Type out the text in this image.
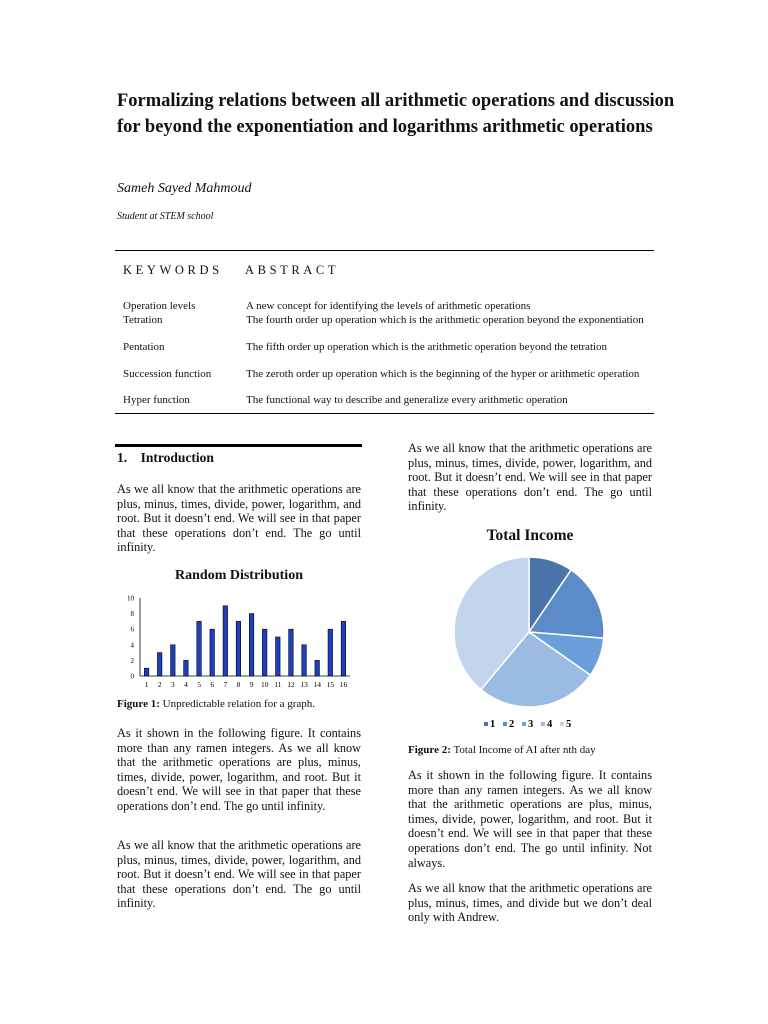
Formalizing relations between all arithmetic operations and discussion for beyond the exponentiation and logarithms arithmetic operations
Sameh Sayed Mahmoud
Student at STEM school
KEYWORDS ABSTRACT
Operation levels	A new concept for identifying the levels of arithmetic operations
Tetration	The fourth order up operation which is the arithmetic operation beyond the exponentiation
Pentation	The fifth order up operation which is the arithmetic operation beyond the tetration
Succession function	The zeroth order up operation which is the beginning of the hyper or arithmetic operation
Hyper function	The functional way to describe and generalize every arithmetic operation
1.    Introduction

As we all know that the arithmetic operations are plus, minus, times, divide, power, logarithm, and root. But it doesn’t end. We will see in that paper that these operations don’t end. The go until infinity.

Random Distribution
0
2
4
6
8
10
1 2 3 4 5 6 7 8 9 10 11 12 13 14 15 16
Figure 1: Unpredictable relation for a graph.

As it shown in the following figure. It contains more than any ramen integers. As we all know that the arithmetic operations are plus, minus, times, divide, power, logarithm, and root. But it doesn’t end. We will see in that paper that these operations don’t end. The go until infinity.

As we all know that the arithmetic operations are plus, minus, times, divide, power, logarithm, and root. But it doesn’t end. We will see in that paper that these operations don’t end. The go until infinity.

As we all know that the arithmetic operations are plus, minus, times, divide, power, logarithm, and root. But it doesn’t end. We will see in that paper that these operations don’t end. The go until infinity.

Total Income
1 2 3 4 5
Figure 2: Total Income of AI after nth day

As it shown in the following figure. It contains more than any ramen integers. As we all know that the arithmetic operations are plus, minus, times, divide, power, logarithm, and root. But it doesn’t end. We will see in that paper that these operations don’t end. The go until infinity. Not always.

As we all know that the arithmetic operations are plus, minus, times, and divide but we don’t deal only with Andrew.
